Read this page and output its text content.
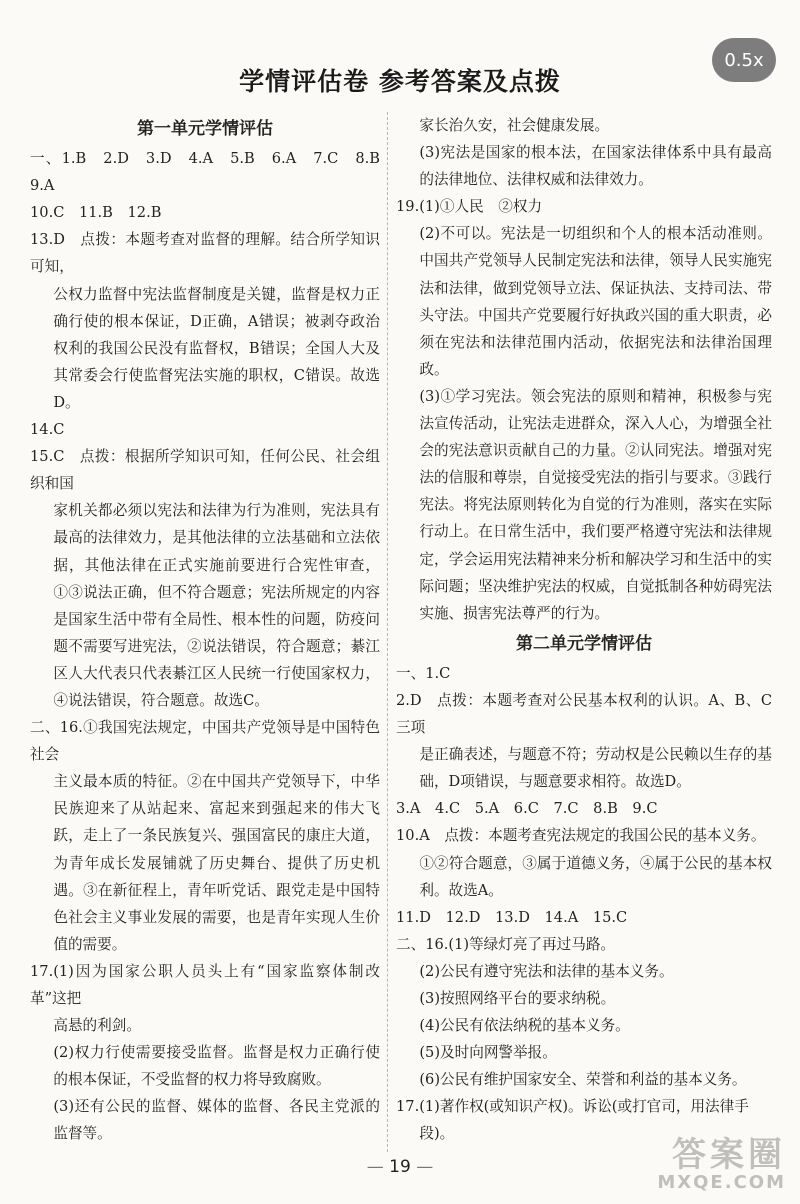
学情评估卷 参考答案及点拨
0.5x
第一单元学情评估

一、1.B　2.D　3.D　4.A　5.B　6.A　7.C　8.B　9.A

10.C　11.B　12.B

13.D　点拨：本题考查对监督的理解。结合所学知识可知，

公权力监督中宪法监督制度是关键，监督是权力正确行使的根本保证，D正确，A错误；被剥夺政治权利的我国公民没有监督权，B错误；全国人大及其常委会行使监督宪法实施的职权，C错误。故选D。

14.C

15.C　点拨：根据所学知识可知，任何公民、社会组织和国

家机关都必须以宪法和法律为行为准则，宪法具有最高的法律效力，是其他法律的立法基础和立法依据，其他法律在正式实施前要进行合宪性审查，①③说法正确，但不符合题意；宪法所规定的内容是国家生活中带有全局性、根本性的问题，防疫问题不需要写进宪法，②说法错误，符合题意；綦江区人大代表只代表綦江区人民统一行使国家权力，④说法错误，符合题意。故选C。

二、16.①我国宪法规定，中国共产党领导是中国特色社会

主义最本质的特征。②在中国共产党领导下，中华民族迎来了从站起来、富起来到强起来的伟大飞跃，走上了一条民族复兴、强国富民的康庄大道，为青年成长发展铺就了历史舞台、提供了历史机遇。③在新征程上，青年听党话、跟党走是中国特色社会主义事业发展的需要，也是青年实现人生价值的需要。

17.(1)因为国家公职人员头上有“国家监察体制改革”这把

高悬的利剑。

(2)权力行使需要接受监督。监督是权力正确行使的根本保证，不受监督的权力将导致腐败。

(3)还有公民的监督、媒体的监督、各民主党派的监督等。

家长治久安，社会健康发展。

(3)宪法是国家的根本法，在国家法律体系中具有最高的法律地位、法律权威和法律效力。

19.(1)①人民　②权力

(2)不可以。宪法是一切组织和个人的根本活动准则。中国共产党领导人民制定宪法和法律，领导人民实施宪法和法律，做到党领导立法、保证执法、支持司法、带头守法。中国共产党要履行好执政兴国的重大职责，必须在宪法和法律范围内活动，依据宪法和法律治国理政。

(3)①学习宪法。领会宪法的原则和精神，积极参与宪法宣传活动，让宪法走进群众，深入人心，为增强全社会的宪法意识贡献自己的力量。②认同宪法。增强对宪法的信服和尊崇，自觉接受宪法的指引与要求。③践行宪法。将宪法原则转化为自觉的行为准则，落实在实际行动上。在日常生活中，我们要严格遵守宪法和法律规定，学会运用宪法精神来分析和解决学习和生活中的实际问题；坚决维护宪法的权威，自觉抵制各种妨碍宪法实施、损害宪法尊严的行为。

第二单元学情评估

一、1.C

2.D　点拨：本题考查对公民基本权利的认识。A、B、C三项

是正确表述，与题意不符；劳动权是公民赖以生存的基础，D项错误，与题意要求相符。故选D。

3.A　4.C　5.A　6.C　7.C　8.B　9.C

10.A　点拨：本题考查宪法规定的我国公民的基本义务。

①②符合题意，③属于道德义务，④属于公民的基本权利。故选A。

11.D　12.D　13.D　14.A　15.C

二、16.(1)等绿灯亮了再过马路。

(2)公民有遵守宪法和法律的基本义务。

(3)按照网络平台的要求纳税。

(4)公民有依法纳税的基本义务。

(5)及时向网警举报。

(6)公民有维护国家安全、荣誉和利益的基本义务。

17.(1)著作权(或知识产权)。诉讼(或打官司，用法律手

段)。

— 19 —	答案圈
MXQE.COM
